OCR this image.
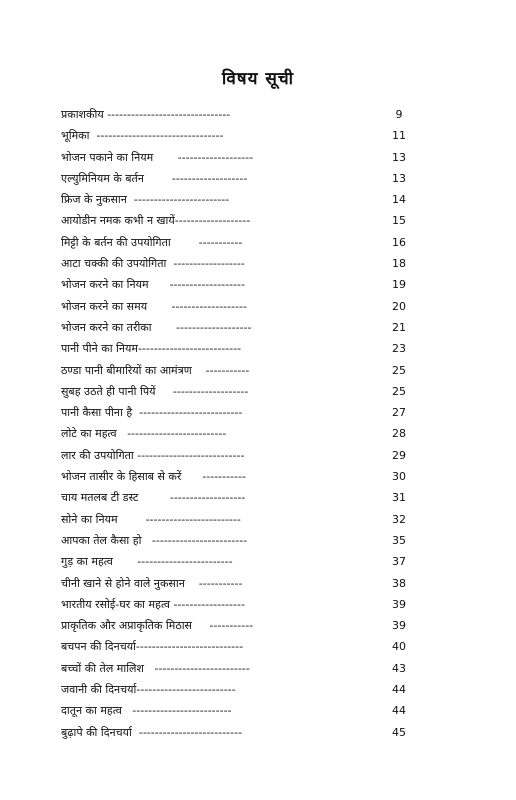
विषय सूची
प्रकाशकीय -------------------------------	9
भूमिका  --------------------------------	11
भोजन पकाने का नियम       -------------------	13
एल्युमिनियम के बर्तन        -------------------	13
फ्रिज के नुकसान  ------------------------	14
आयोडीन नमक कभी न खायें-------------------	15
मिट्टी के बर्तन की उपयोगिता        -----------	16
आटा चक्की की उपयोगिता  ------------------	18
भोजन करने का नियम      -------------------	19
भोजन करने का समय       -------------------	20
भोजन करने का तरीका       -------------------	21
पानी पीने का नियम--------------------------	23
ठण्डा पानी बीमारियों का आमंत्रण    -----------	25
सुबह उठते ही पानी पियें     -------------------	25
पानी कैसा पीना है  --------------------------	27
लोटे का महत्व   -------------------------	28
लार की उपयोगिता ---------------------------	29
भोजन तासीर के हिसाब से करें      -----------	30
चाय मतलब टी डस्ट         -------------------	31
सोने का नियम        ------------------------	32
आपका तेल कैसा हो   ------------------------	35
गुड़ का महत्व       ------------------------	37
चीनी खाने से होने वाले नुकसान    -----------	38
भारतीय रसोई-घर का महत्व ------------------	39
प्राकृतिक और अप्राकृतिक मिठास     -----------	39
बचपन की दिनचर्या---------------------------	40
बच्चों की तेल मालिश   ------------------------	43
जवानी की दिनचर्या-------------------------	44
दातून का महत्व   -------------------------	44
बुढ़ापे की दिनचर्या  --------------------------	45
